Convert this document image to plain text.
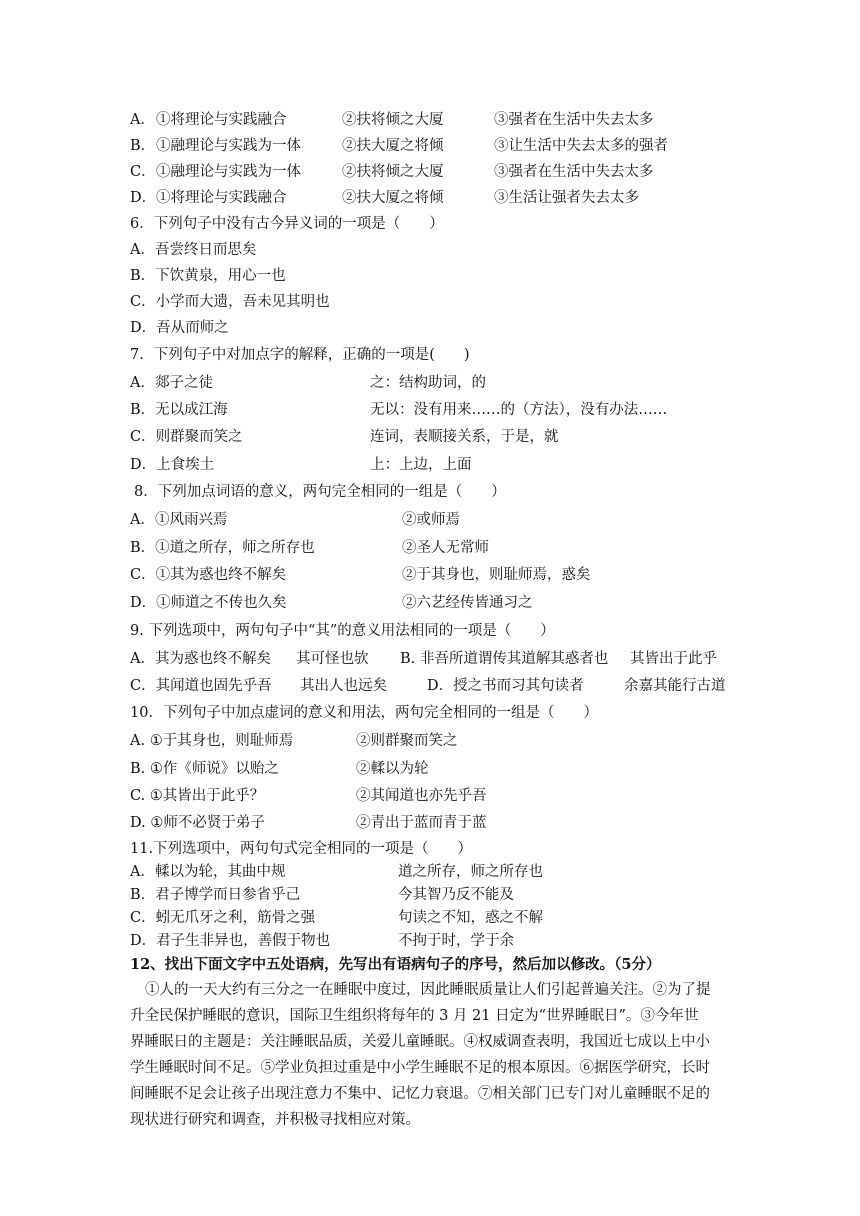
A． ①将理论与实践融合	②扶将倾之大厦	③强者在生活中失去太多
B． ①融理论与实践为一体	②扶大厦之将倾	③让生活中失去太多的强者
C． ①融理论与实践为一体	②扶将倾之大厦	③强者在生活中失去太多
D． ①将理论与实践融合	②扶大厦之将倾	③生活让强者失去太多
6．下列句子中没有古今异义词的一项是（　　）
A．吾尝终日而思矣
B．下饮黄泉，用心一也
C．小学而大遗，吾未见其明也
D．吾从而师之
7．下列句子中对加点字的解释，正确的一项是(　　)
A．郯子之徒	之：结构助词，的
B．无以成江海	无以：没有用来……的（方法），没有办法……
C．则群聚而笑之	连词，表顺接关系，于是，就
D．上食埃土	上：上边，上面
8．下列加点词语的意义，两句完全相同的一组是（　　）
A．①风雨兴焉	②或师焉
B．①道之所存，师之所存也	②圣人无常师
C．①其为惑也终不解矣	②于其身也，则耻师焉，惑矣
D．①师道之不传也久矣	②六艺经传皆通习之
9. 下列选项中，两句句子中“其”的意义用法相同的一项是（　　）
A．其为惑也终不解矣 其可怪也欤 B. 非吾所道谓传其道解其惑者也 其皆出于此乎
C．其闻道也固先乎吾 其出人也远矣	D．授之书而习其句读者	余嘉其能行古道
10．下列句子中加点虚词的意义和用法，两句完全相同的一组是（　　）
A. ①于其身也，则耻师焉	②则群聚而笑之
B. ①作《师说》以贻之	②輮以为轮
C. ①其皆出于此乎？	②其闻道也亦先乎吾
D. ①师不必贤于弟子	②青出于蓝而青于蓝
11.下列选项中，两句句式完全相同的一项是（　　）
A．輮以为轮，其曲中规	道之所存，师之所存也
B．君子博学而日参省乎己	今其智乃反不能及
C．蚓无爪牙之利，筋骨之强	句读之不知，惑之不解
D．君子生非异也，善假于物也	不拘于时，学于余
12、找出下面文字中五处语病，先写出有语病句子的序号，然后加以修改。（5分）
①人的一天大约有三分之一在睡眠中度过，因此睡眠质量让人们引起普遍关注。②为了提
升全民保护睡眠的意识，国际卫生组织将每年的 3 月 21 日定为“世界睡眠日”。③今年世
界睡眠日的主题是：关注睡眠品质，关爱儿童睡眠。④权威调查表明，我国近七成以上中小
学生睡眠时间不足。⑤学业负担过重是中小学生睡眠不足的根本原因。⑥据医学研究，长时
间睡眠不足会让孩子出现注意力不集中、记忆力衰退。⑦相关部门已专门对儿童睡眠不足的
现状进行研究和调查，并积极寻找相应对策。
